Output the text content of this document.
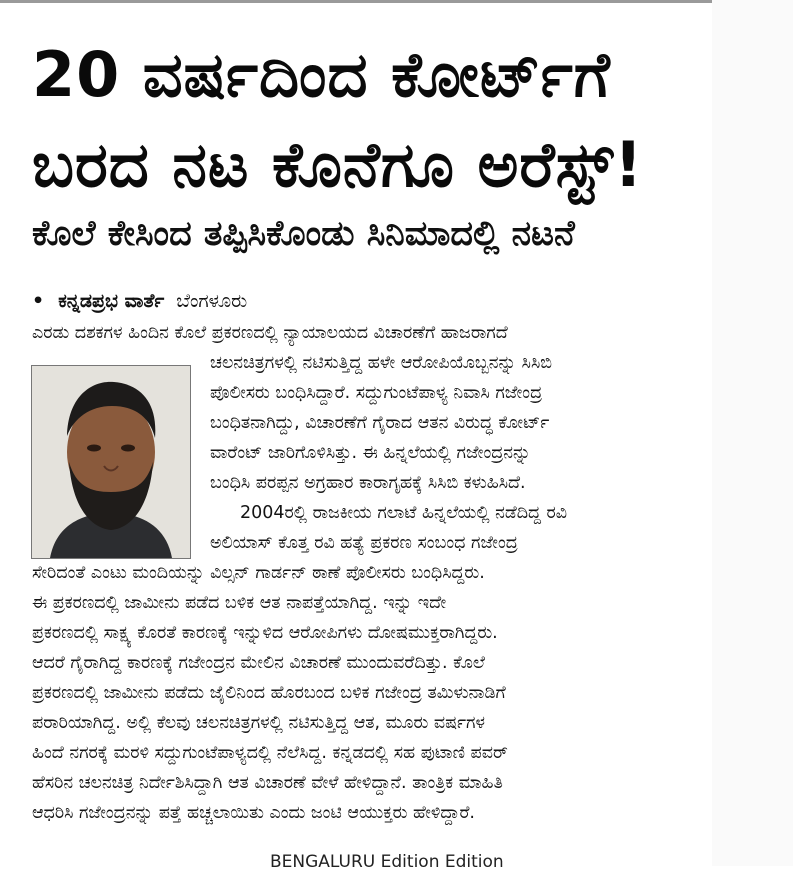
20 ವರ್ಷದಿಂದ ಕೋರ್ಟ್‌ಗೆ
ಬರದ ನಟ ಕೊನೆಗೂ ಅರೆಸ್ಟ್!
ಕೊಲೆ ಕೇಸಿಂದ ತಪ್ಪಿಸಿಕೊಂಡು ಸಿನಿಮಾದಲ್ಲಿ ನಟನೆ
• ಕನ್ನಡಪ್ರಭ ವಾರ್ತೆ ಬೆಂಗಳೂರು
ಎರಡು ದಶಕಗಳ ಹಿಂದಿನ ಕೊಲೆ ಪ್ರಕರಣದಲ್ಲಿ ನ್ಯಾಯಾಲಯದ ವಿಚಾರಣೆಗೆ ಹಾಜರಾಗದೆ
ಚಲನಚಿತ್ರಗಳಲ್ಲಿ ನಟಿಸುತ್ತಿದ್ದ ಹಳೇ ಆರೋಪಿಯೊಬ್ಬನನ್ನು ಸಿಸಿಬಿ
ಪೊಲೀಸರು ಬಂಧಿಸಿದ್ದಾರೆ. ಸದ್ದುಗುಂಟೆಪಾಳ್ಯ ನಿವಾಸಿ ಗಜೇಂದ್ರ
ಬಂಧಿತನಾಗಿದ್ದು, ವಿಚಾರಣೆಗೆ ಗೈರಾದ ಆತನ ವಿರುದ್ಧ ಕೋರ್ಟ್
ವಾರೆಂಟ್ ಜಾರಿಗೊಳಿಸಿತ್ತು. ಈ ಹಿನ್ನಲೆಯಲ್ಲಿ ಗಜೇಂದ್ರನನ್ನು
ಬಂಧಿಸಿ ಪರಪ್ಪನ ಅಗ್ರಹಾರ ಕಾರಾಗೃಹಕ್ಕೆ ಸಿಸಿಬಿ ಕಳುಹಿಸಿದೆ.
2004ರಲ್ಲಿ ರಾಜಕೀಯ ಗಲಾಟೆ ಹಿನ್ನಲೆಯಲ್ಲಿ ನಡೆದಿದ್ದ ರವಿ
ಅಲಿಯಾಸ್ ಕೊತ್ತ ರವಿ ಹತ್ಯೆ ಪ್ರಕರಣ ಸಂಬಂಧ ಗಜೇಂದ್ರ
ಸೇರಿದಂತೆ ಎಂಟು ಮಂದಿಯನ್ನು ವಿಲ್ಸನ್ ಗಾರ್ಡನ್ ಠಾಣೆ ಪೊಲೀಸರು ಬಂಧಿಸಿದ್ದರು.
ಈ ಪ್ರಕರಣದಲ್ಲಿ ಜಾಮೀನು ಪಡೆದ ಬಳಿಕ ಆತ ನಾಪತ್ತೆಯಾಗಿದ್ದ. ಇನ್ನು ಇದೇ
ಪ್ರಕರಣದಲ್ಲಿ ಸಾಕ್ಷ್ಯ ಕೊರತೆ ಕಾರಣಕ್ಕೆ ಇನ್ನುಳಿದ ಆರೋಪಿಗಳು ದೋಷಮುಕ್ತರಾಗಿದ್ದರು.
ಆದರೆ ಗೈರಾಗಿದ್ದ ಕಾರಣಕ್ಕೆ ಗಜೇಂದ್ರನ ಮೇಲಿನ ವಿಚಾರಣೆ ಮುಂದುವರೆದಿತ್ತು. ಕೊಲೆ
ಪ್ರಕರಣದಲ್ಲಿ ಜಾಮೀನು ಪಡೆದು ಜೈಲಿನಿಂದ ಹೊರಬಂದ ಬಳಿಕ ಗಜೇಂದ್ರ ತಮಿಳುನಾಡಿಗೆ
ಪರಾರಿಯಾಗಿದ್ದ. ಅಲ್ಲಿ ಕೆಲವು ಚಲನಚಿತ್ರಗಳಲ್ಲಿ ನಟಿಸುತ್ತಿದ್ದ ಆತ, ಮೂರು ವರ್ಷಗಳ
ಹಿಂದೆ ನಗರಕ್ಕೆ ಮರಳಿ ಸದ್ದುಗುಂಟೆಪಾಳ್ಯದಲ್ಲಿ ನೆಲೆಸಿದ್ದ. ಕನ್ನಡದಲ್ಲಿ ಸಹ ಪುಟಾಣಿ ಪವರ್
ಹೆಸರಿನ ಚಲನಚಿತ್ರ ನಿರ್ದೇಶಿಸಿದ್ದಾಗಿ ಆತ ವಿಚಾರಣೆ ವೇಳೆ ಹೇಳಿದ್ದಾನೆ. ತಾಂತ್ರಿಕ ಮಾಹಿತಿ
ಆಧರಿಸಿ ಗಜೇಂದ್ರನನ್ನು ಪತ್ತೆ ಹಚ್ಚಲಾಯಿತು ಎಂದು ಜಂಟಿ ಆಯುಕ್ತರು ಹೇಳಿದ್ದಾರೆ.
BENGALURU Edition Edition
